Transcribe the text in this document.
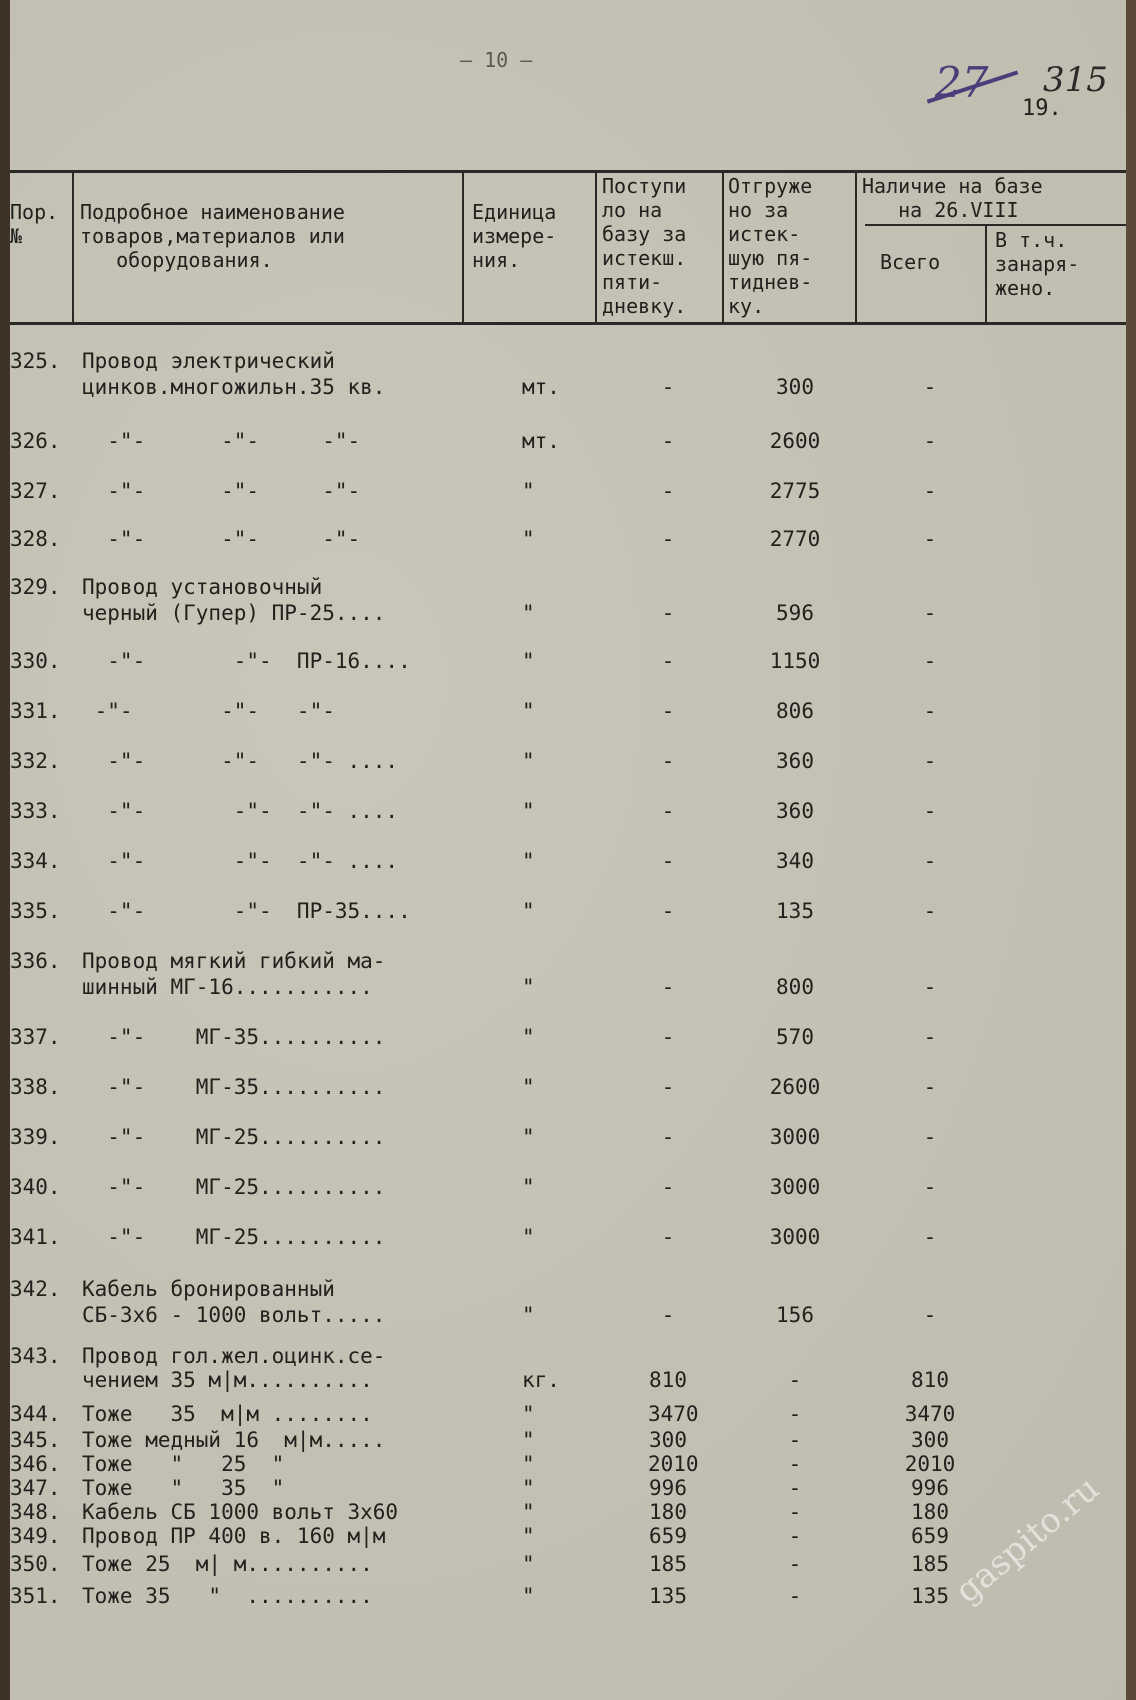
— 10 —	27 315
19.
Пор.
№
Подробное наименование
товаров,материалов или
оборудования.
Единица
измере-
ния.
Поступи
ло на
базу за
истекш.
пяти-
дневку.
Отгруже
но за
истек-
шую пя-
тиднев-
ку.
Наличие на базе
на 26.VIII
Всего
В т.ч.
занаря-
жено.
325. Провод электрический
цинков.многожильн.35 кв.	мт.	-	300	-
326. -"-      -"-     -"-	мт.	-	2600	-
327. -"-      -"-     -"-	"	-	2775	-
328. -"-      -"-     -"-	"	-	2770	-
329. Провод установочный
черный (Гупер) ПР-25....	"	-	596	-
330. -"-       -"-  ПР-16....	"	-	1150	-
331. -"-       -"-   -"-	"	-	806	-
332. -"-      -"-   -"- ....	"	-	360	-
333. -"-       -"-  -"- ....	"	-	360	-
334. -"-       -"-  -"- ....	"	-	340	-
335. -"-       -"-  ПР-35....	"	-	135	-
336. Провод мягкий гибкий ма-
шинный МГ-16...........	"	-	800	-
337. -"-    МГ-35..........	"	-	570	-
338. -"-    МГ-35..........	"	-	2600	-
339. -"-    МГ-25..........	"	-	3000	-
340. -"-    МГ-25..........	"	-	3000	-
341. -"-    МГ-25..........	"	-	3000	-
342. Кабель бронированный
СБ-3х6 - 1000 вольт.....	"	-	156	-
343. Провод гол.жел.оцинк.се-
чением 35 м|м..........	кг.	810	-	810
344. Тоже   35  м|м ........	"	3470	-	3470
345. Тоже медный 16  м|м.....	"	300	-	300
346. Тоже   "   25  "	"	2010	-	2010
347. Тоже   "   35  "	"	996	-	996
348. Кабель СБ 1000 вольт 3х60	"	180	-	180
349. Провод ПР 400 в. 160 м|м	"	659	-	659
350. Тоже 25  м| м..........	"	185	-	185
351. Тоже 35   "  ..........	"	135	-	135
gaspito.ru
